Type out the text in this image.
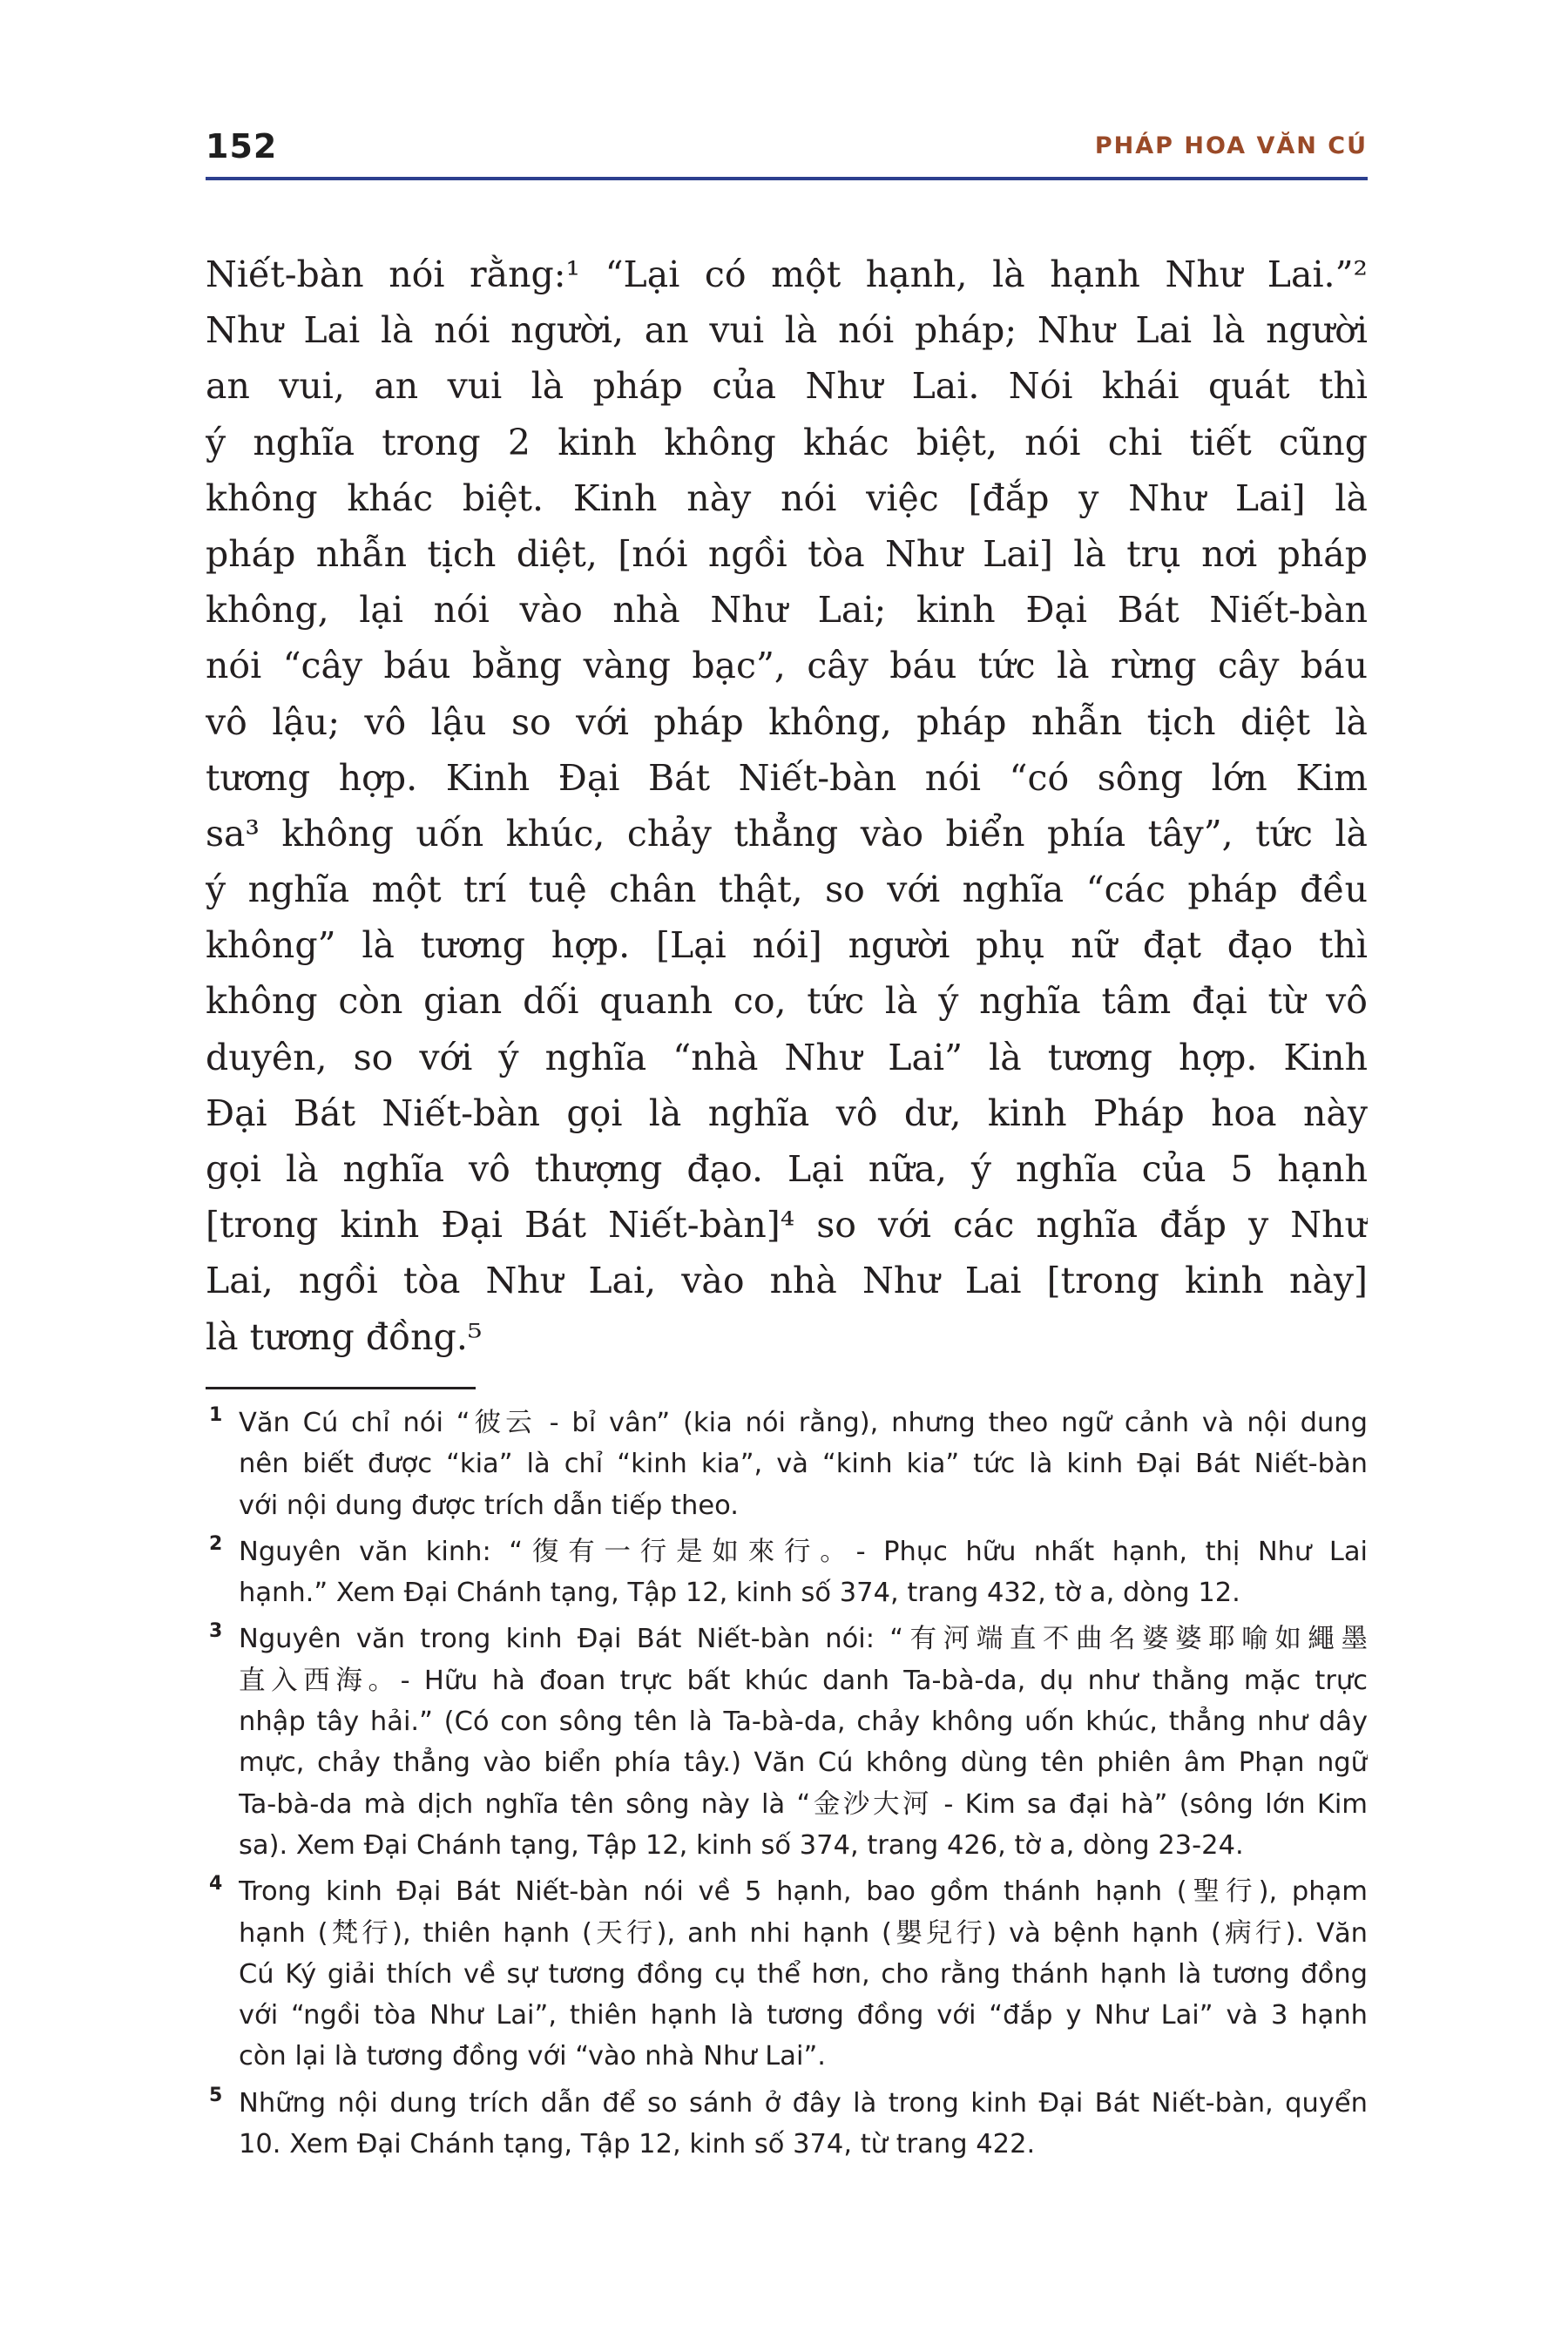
152	PHÁP HOA VĂN CÚ
Niết-bàn nói rằng:¹ “Lại có một hạnh, là hạnh Như Lai.”²
Như Lai là nói người, an vui là nói pháp; Như Lai là người
an vui, an vui là pháp của Như Lai. Nói khái quát thì
ý nghĩa trong 2 kinh không khác biệt, nói chi tiết cũng
không khác biệt. Kinh này nói việc [đắp y Như Lai] là
pháp nhẫn tịch diệt, [nói ngồi tòa Như Lai] là trụ nơi pháp
không, lại nói vào nhà Như Lai; kinh Đại Bát Niết-bàn
nói “cây báu bằng vàng bạc”, cây báu tức là rừng cây báu
vô lậu; vô lậu so với pháp không, pháp nhẫn tịch diệt là
tương hợp. Kinh Đại Bát Niết-bàn nói “có sông lớn Kim
sa³ không uốn khúc, chảy thẳng vào biển phía tây”, tức là
ý nghĩa một trí tuệ chân thật, so với nghĩa “các pháp đều
không” là tương hợp. [Lại nói] người phụ nữ đạt đạo thì
không còn gian dối quanh co, tức là ý nghĩa tâm đại từ vô
duyên, so với ý nghĩa “nhà Như Lai” là tương hợp. Kinh
Đại Bát Niết-bàn gọi là nghĩa vô dư, kinh Pháp hoa này
gọi là nghĩa vô thượng đạo. Lại nữa, ý nghĩa của 5 hạnh
[trong kinh Đại Bát Niết-bàn]⁴ so với các nghĩa đắp y Như
Lai, ngồi tòa Như Lai, vào nhà Như Lai [trong kinh này]
là tương đồng.⁵
1 Văn Cú chỉ nói “彼云 - bỉ vân” (kia nói rằng), nhưng theo ngữ cảnh và nội dung
nên biết được “kia” là chỉ “kinh kia”, và “kinh kia” tức là kinh Đại Bát Niết-bàn
với nội dung được trích dẫn tiếp theo.
2 Nguyên văn kinh: “復有一行是如來行。- Phục hữu nhất hạnh, thị Như Lai
hạnh.” Xem Đại Chánh tạng, Tập 12, kinh số 374, trang 432, tờ a, dòng 12.
3 Nguyên văn trong kinh Đại Bát Niết-bàn nói: “有河端直不曲名婆婆耶喻如繩墨
直入西海。- Hữu hà đoan trực bất khúc danh Ta-bà-da, dụ như thằng mặc trực
nhập tây hải.” (Có con sông tên là Ta-bà-da, chảy không uốn khúc, thẳng như dây
mực, chảy thẳng vào biển phía tây.) Văn Cú không dùng tên phiên âm Phạn ngữ
Ta-bà-da mà dịch nghĩa tên sông này là “金沙大河 - Kim sa đại hà” (sông lớn Kim
sa). Xem Đại Chánh tạng, Tập 12, kinh số 374, trang 426, tờ a, dòng 23-24.
4 Trong kinh Đại Bát Niết-bàn nói về 5 hạnh, bao gồm thánh hạnh (聖行), phạm
hạnh (梵行), thiên hạnh (天行), anh nhi hạnh (嬰兒行) và bệnh hạnh (病行). Văn
Cú Ký giải thích về sự tương đồng cụ thể hơn, cho rằng thánh hạnh là tương đồng
với “ngồi tòa Như Lai”, thiên hạnh là tương đồng với “đắp y Như Lai” và 3 hạnh
còn lại là tương đồng với “vào nhà Như Lai”.
5 Những nội dung trích dẫn để so sánh ở đây là trong kinh Đại Bát Niết-bàn, quyển
10. Xem Đại Chánh tạng, Tập 12, kinh số 374, từ trang 422.
